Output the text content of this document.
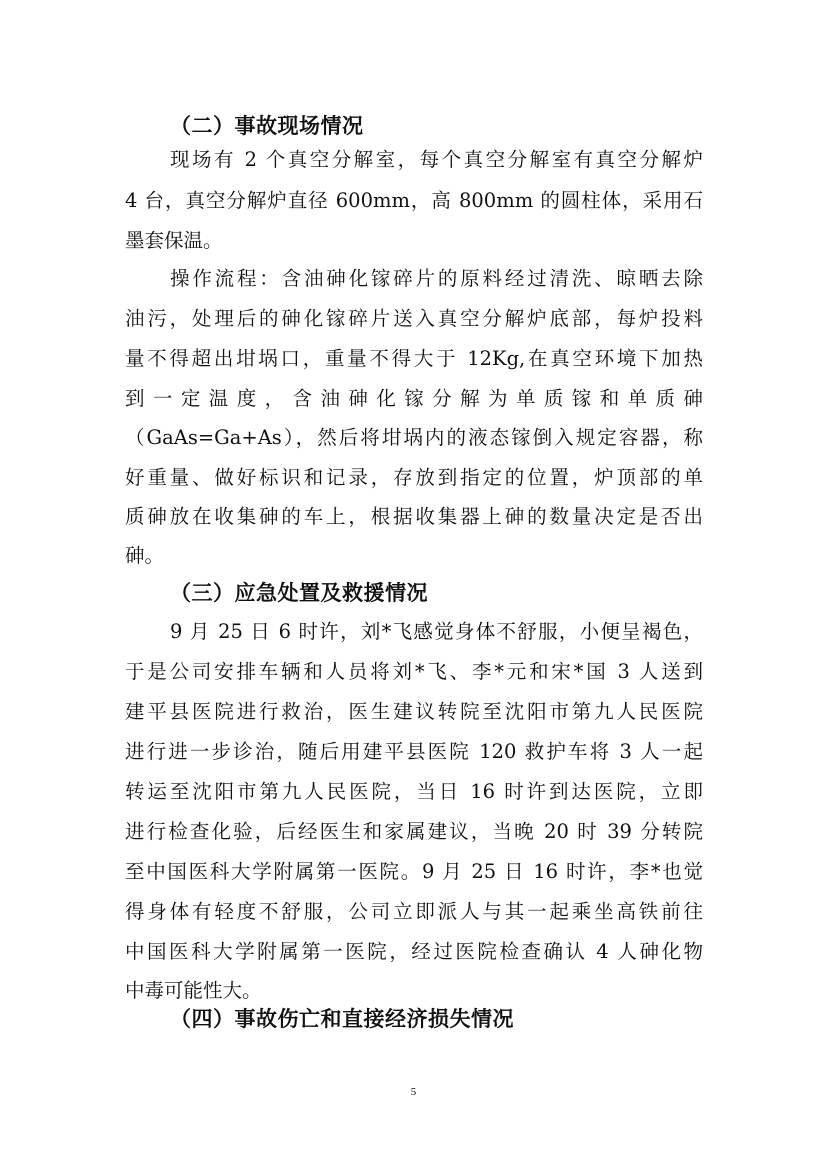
（二）事故现场情况
现场有 2 个真空分解室，每个真空分解室有真空分解炉
4 台，真空分解炉直径 600mm，高 800mm 的圆柱体，采用石
墨套保温。
操作流程：含油砷化镓碎片的原料经过清洗、晾晒去除
油污，处理后的砷化镓碎片送入真空分解炉底部，每炉投料
量不得超出坩埚口，重量不得大于 12Kg,在真空环境下加热
到一定温度，含油砷化镓分解为单质镓和单质砷
（GaAs=Ga+As），然后将坩埚内的液态镓倒入规定容器，称
好重量、做好标识和记录，存放到指定的位置，炉顶部的单
质砷放在收集砷的车上，根据收集器上砷的数量决定是否出
砷。
（三）应急处置及救援情况
9 月 25 日 6 时许，刘*飞感觉身体不舒服，小便呈褐色，
于是公司安排车辆和人员将刘*飞、李*元和宋*国 3 人送到
建平县医院进行救治，医生建议转院至沈阳市第九人民医院
进行进一步诊治，随后用建平县医院 120 救护车将 3 人一起
转运至沈阳市第九人民医院，当日 16 时许到达医院，立即
进行检查化验，后经医生和家属建议，当晚 20 时 39 分转院
至中国医科大学附属第一医院。9 月 25 日 16 时许，李*也觉
得身体有轻度不舒服，公司立即派人与其一起乘坐高铁前往
中国医科大学附属第一医院，经过医院检查确认 4 人砷化物
中毒可能性大。
（四）事故伤亡和直接经济损失情况
5
